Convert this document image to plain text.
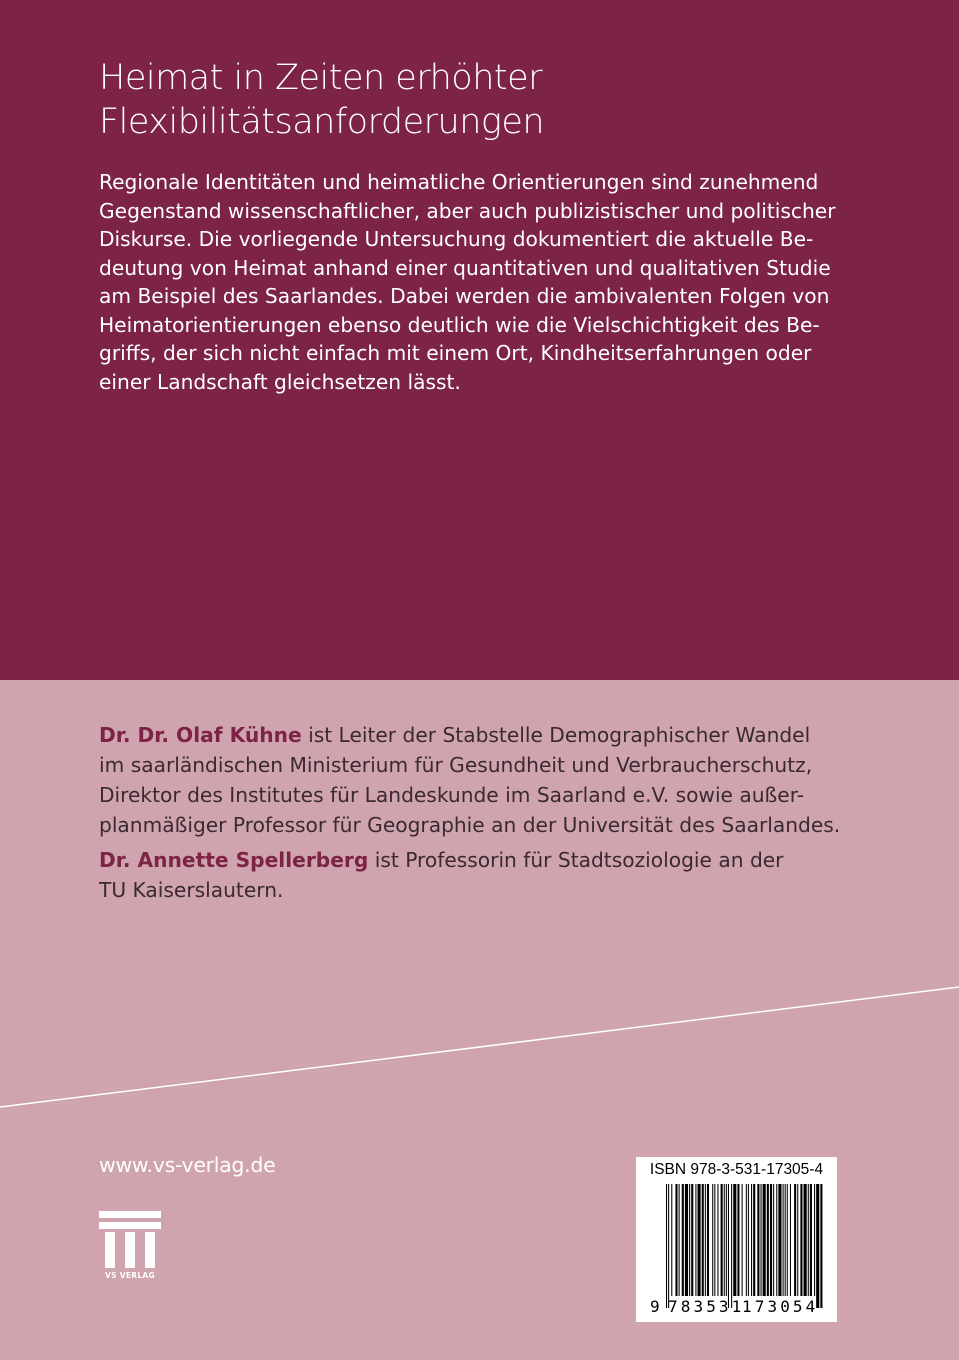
Heimat in Zeiten erhöhter
Flexibilitätsanforderungen
Regionale Identitäten und heimatliche Orientierungen sind zunehmend
Gegenstand wissenschaftlicher, aber auch publizistischer und politischer
Diskurse. Die vorliegende Untersuchung dokumentiert die aktuelle Be-
deutung von Heimat anhand einer quantitativen und qualitativen Studie
am Beispiel des Saarlandes. Dabei werden die ambivalenten Folgen von
Heimatorientierungen ebenso deutlich wie die Vielschichtigkeit des Be-
griffs, der sich nicht einfach mit einem Ort, Kindheitserfahrungen oder
einer Landschaft gleichsetzen lässt.
Dr. Dr. Olaf Kühne ist Leiter der Stabstelle Demographischer Wandel
im saarländischen Ministerium für Gesundheit und Verbraucherschutz,
Direktor des Institutes für Landeskunde im Saarland e.V. sowie außer-
planmäßiger Professor für Geographie an der Universität des Saarlandes.
Dr. Annette Spellerberg ist Professorin für Stadtsoziologie an der
TU Kaiserslautern.
www.vs-verlag.de
VS VERLAG
ISBN 978-3-531-17305-4
9 783531
173054
